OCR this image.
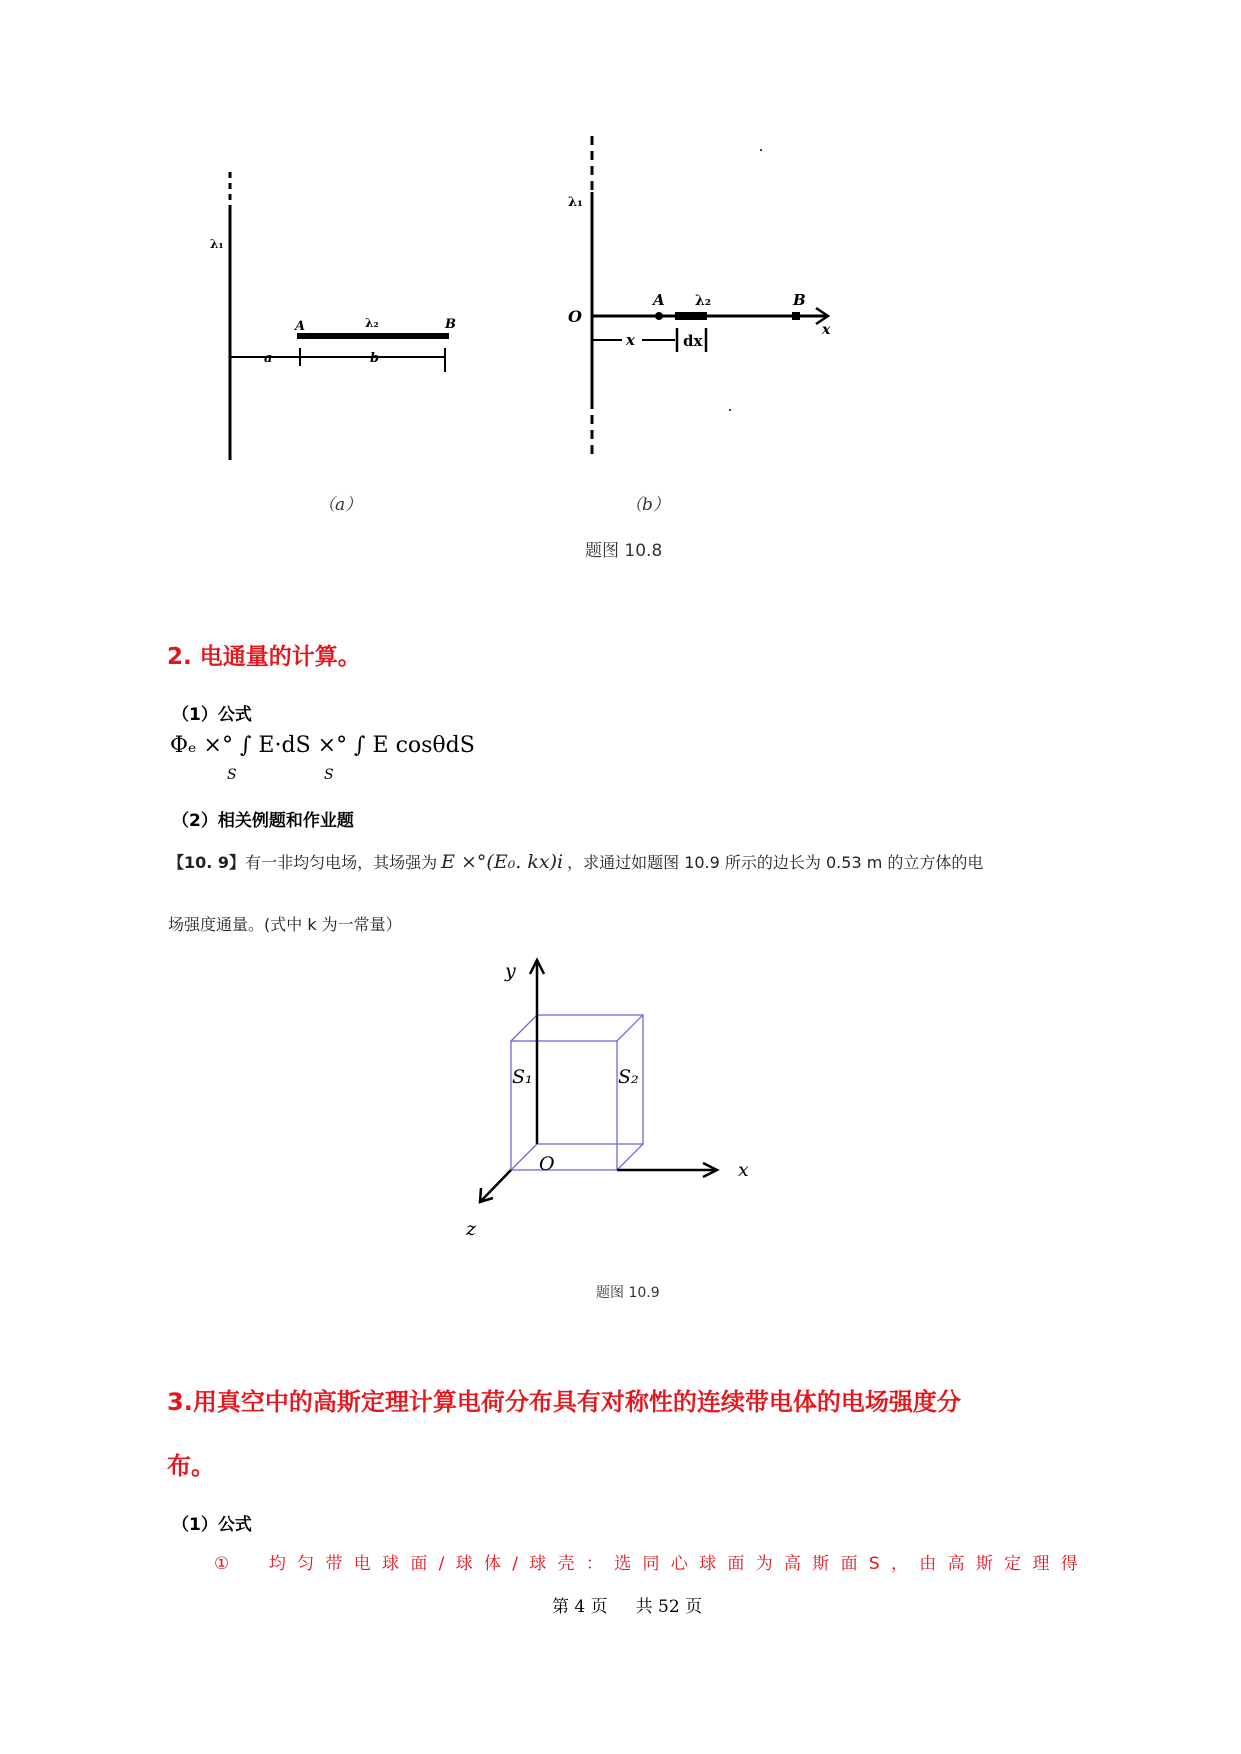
λ₁
A	λ₂	B
a	b
（a）
λ₁
x
O
A λ₂	B
x	dx
（b）
题图 10.8
2. 电通量的计算。
（1）公式
Φₑ ×° ∫ E·dS ×° ∫ E cosθdS
S	S
（2）相关例题和作业题
【10. 9】有一非均匀电场，其场强为 E ×°(E₀. kx)i ，求通过如题图 10.9 所示的边长为 0.53 m 的立方体的电
场强度通量。(式中 k 为一常量）
y
x
z
O
S₁	S₂
题图 10.9
3.用真空中的高斯定理计算电荷分布具有对称性的连续带电体的电场强度分
布。
（1）公式
①　均匀带电球面/球体/球壳：选同心球面为高斯面S，由高斯定理得
第 4 页 共 52 页
